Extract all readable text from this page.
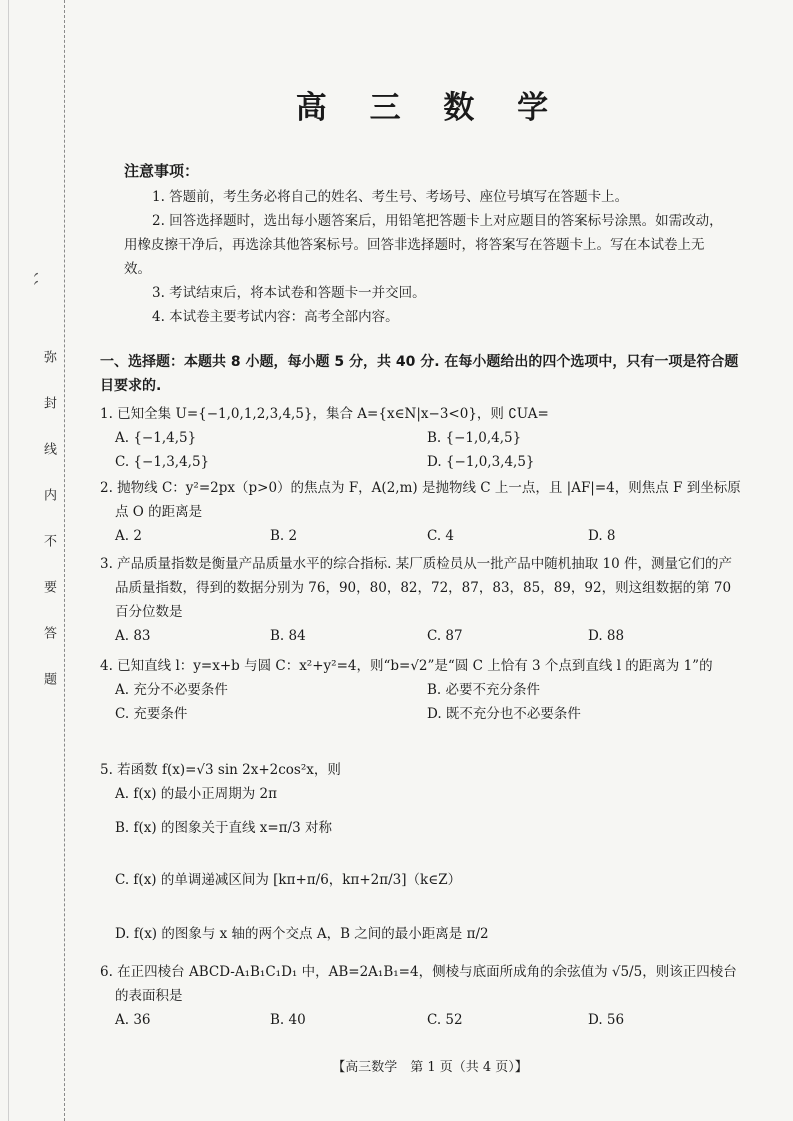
、、
弥封线内不要答题
高 三 数 学
注意事项：

1. 答题前，考生务必将自己的姓名、考生号、考场号、座位号填写在答题卡上。

2. 回答选择题时，选出每小题答案后，用铅笔把答题卡上对应题目的答案标号涂黑。如需改动，用橡皮擦干净后，再选涂其他答案标号。回答非选择题时，将答案写在答题卡上。写在本试卷上无效。

3. 考试结束后，将本试卷和答题卡一并交回。

4. 本试卷主要考试内容：高考全部内容。

一、选择题：本题共 8 小题，每小题 5 分，共 40 分. 在每小题给出的四个选项中，只有一项是符合题目要求的.

1. 已知全集 U={−1,0,1,2,3,4,5}，集合 A={x∈N|x−3<0}，则 ∁UA=

A. {−1,4,5}	B. {−1,0,4,5}
C. {−1,3,4,5}	D. {−1,0,3,4,5}

2. 抛物线 C：y²=2px（p>0）的焦点为 F，A(2,m) 是抛物线 C 上一点，且 |AF|=4，则焦点 F 到坐标原点 O 的距离是

A. 2	B. 2	C. 4	D. 8

3. 产品质量指数是衡量产品质量水平的综合指标. 某厂质检员从一批产品中随机抽取 10 件，测量它们的产品质量指数，得到的数据分别为 76，90，80，82，72，87，83，85，89，92，则这组数据的第 70 百分位数是

A. 83	B. 84	C. 87	D. 88

4. 已知直线 l：y=x+b 与圆 C：x²+y²=4，则“b=√2”是“圆 C 上恰有 3 个点到直线 l 的距离为 1”的

A. 充分不必要条件	B. 必要不充分条件
C. 充要条件	D. 既不充分也不必要条件

5. 若函数 f(x)=√3 sin 2x+2cos²x，则

A. f(x) 的最小正周期为 2π

B. f(x) 的图象关于直线 x=π/3 对称

C. f(x) 的单调递减区间为 [kπ+π/6，kπ+2π/3]（k∈Z）

D. f(x) 的图象与 x 轴的两个交点 A，B 之间的最小距离是 π/2

6. 在正四棱台 ABCD-A₁B₁C₁D₁ 中，AB=2A₁B₁=4，侧棱与底面所成角的余弦值为 √5/5，则该正四棱台的表面积是

A. 36	B. 40	C. 52	D. 56
【高三数学　第 1 页（共 4 页）】
